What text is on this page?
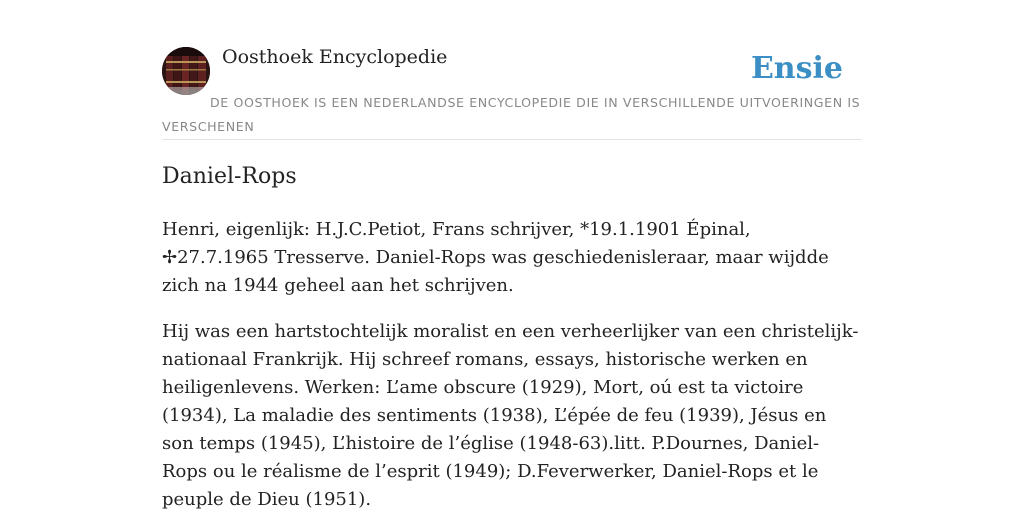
Oosthoek Encyclopedie	Ensie
DE OOSTHOEK IS EEN NEDERLANDSE ENCYCLOPEDIE DIE IN VERSCHILLENDE UITVOERINGEN IS VERSCHENEN
Daniel-Rops

Henri, eigenlijk: H.J.C.Petiot, Frans schrijver, *19.1.1901 Épinal, ✢27.7.1965 Tresserve. Daniel-Rops was geschiedenisleraar, maar wijdde zich na 1944 geheel aan het schrijven.

Hij was een hartstochtelijk moralist en een verheerlijker van een christelijk-nationaal Frankrijk. Hij schreef romans, essays, historische werken en heiligenlevens. Werken: L’ame obscure (1929), Mort, oú est ta victoire (1934), La maladie des sentiments (1938), L’épée de feu (1939), Jésus en son temps (1945), L’histoire de l’église (1948-63).litt. P.Dournes, Daniel-Rops ou le réalisme de l’esprit (1949); D.Feverwerker, Daniel-Rops et le peuple de Dieu (1951).
